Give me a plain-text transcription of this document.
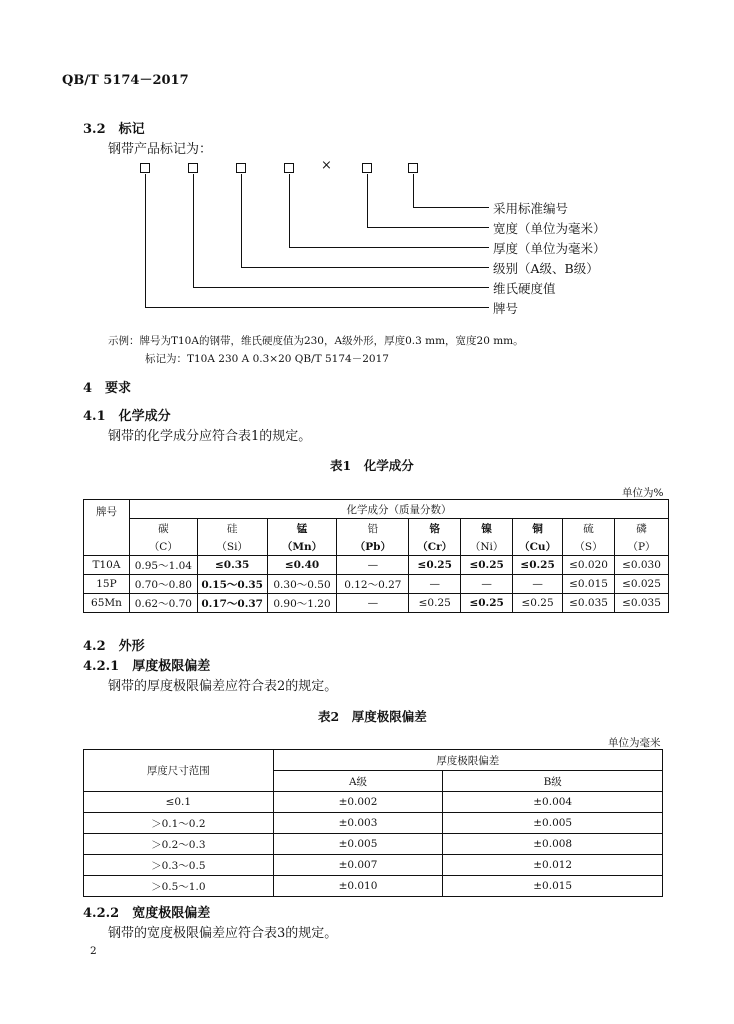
QB/T 5174－2017
3.2　标记
钢带产品标记为：
×
采用标准编号
宽度（单位为毫米）
厚度（单位为毫米）
级别（A级、B级）
维氏硬度值
牌号
示例：牌号为T10A的钢带，维氏硬度值为230，A级外形，厚度0.3 mm，宽度20 mm。
标记为：T10A 230 A 0.3×20 QB/T 5174－2017
4　要求
4.1　化学成分
钢带的化学成分应符合表1的规定。
表1　化学成分
单位为%
牌号	化学成分（质量分数）								
	碳	硅	锰	铅	铬	镍	铜	硫	磷
	（C）	（Si）	（Mn）	（Pb）	（Cr）	（Ni）	（Cu）	（S）	（P）
T10A	0.95～1.04	≤0.35	≤0.40	—	≤0.25	≤0.25	≤0.25	≤0.020	≤0.030
15P	0.70～0.80	0.15～0.35	0.30～0.50	0.12～0.27	—	—	—	≤0.015	≤0.025
65Mn	0.62～0.70	0.17～0.37	0.90～1.20	—	≤0.25	≤0.25	≤0.25	≤0.035	≤0.035
4.2　外形
4.2.1　厚度极限偏差
钢带的厚度极限偏差应符合表2的规定。
表2　厚度极限偏差
单位为毫米
厚度尺寸范围	厚度极限偏差	
	A级	B级
≤0.1	±0.002	±0.004
＞0.1～0.2	±0.003	±0.005
＞0.2～0.3	±0.005	±0.008
＞0.3～0.5	±0.007	±0.012
＞0.5～1.0	±0.010	±0.015
4.2.2　宽度极限偏差
钢带的宽度极限偏差应符合表3的规定。
2
